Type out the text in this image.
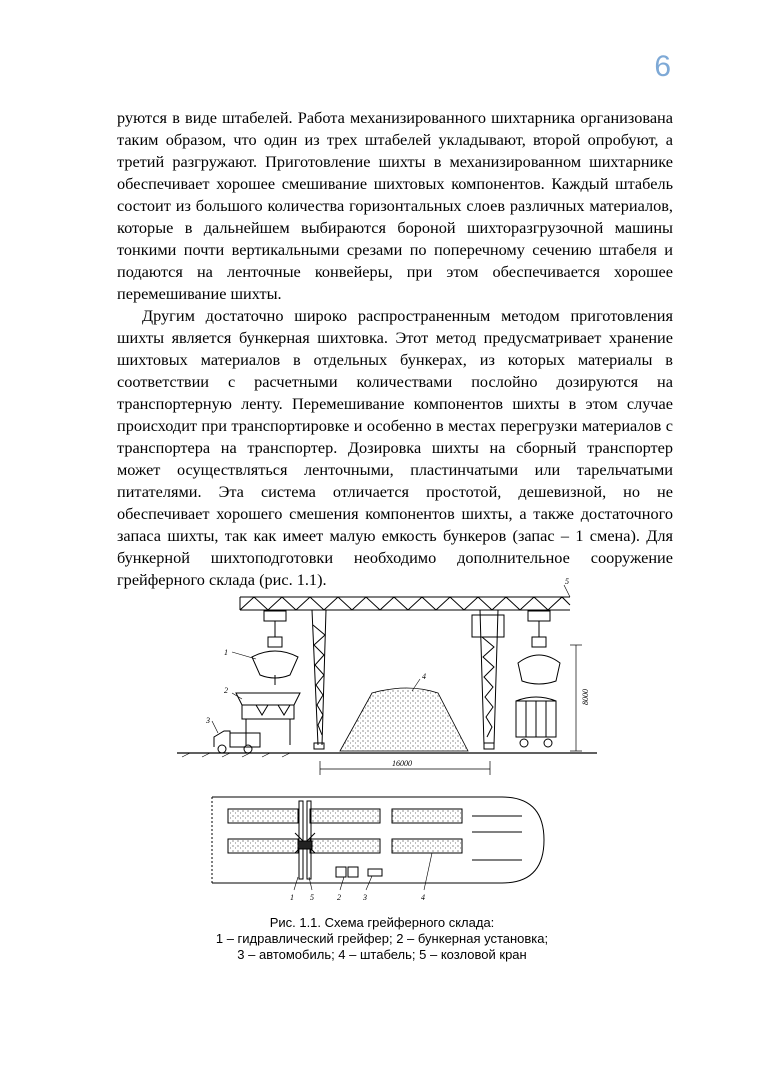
6

руются в виде штабелей. Работа механизированного шихтарника организована таким образом, что один из трех штабелей укладывают, второй опробуют, а третий разгружают. Приготовление шихты в механизированном шихтарнике обеспечивает хорошее смешивание шихтовых компонентов. Каждый штабель состоит из большого количества горизонтальных слоев различных материалов, которые в дальнейшем выбираются бороной шихторазгрузочной машины тонкими почти вертикальными срезами по поперечному сечению штабеля и подаются на ленточные конвейеры, при этом обеспечивается хорошее перемешивание шихты.

Другим достаточно широко распространенным методом приготовления шихты является бункерная шихтовка. Этот метод предусматривает хранение шихтовых материалов в отдельных бункерах, из которых материалы в соответствии с расчетными количествами послойно дозируются на транспортерную ленту. Перемешивание компонентов шихты в этом случае происходит при транспортировке и особенно в местах перегрузки материалов с транспортера на транспортер. Дозировка шихты на сборный транспортер может осуществляться ленточными, пластинчатыми или тарельчатыми питателями. Эта система отличается простотой, дешевизной, но не обеспечивает хорошего смешения компонентов шихты, а также достаточного запаса шихты, так как имеет малую емкость бункеров (запас – 1 смена). Для бункерной шихтоподготовки необходимо дополнительное сооружение грейферного склада (рис. 1.1).	5
1
2
3
4
8000
16000
1 5	2	3	4
Рис. 1.1. Схема грейферного склада:
1 – гидравлический грейфер; 2 – бункерная установка;
3 – автомобиль; 4 – штабель; 5 – козловой кран
